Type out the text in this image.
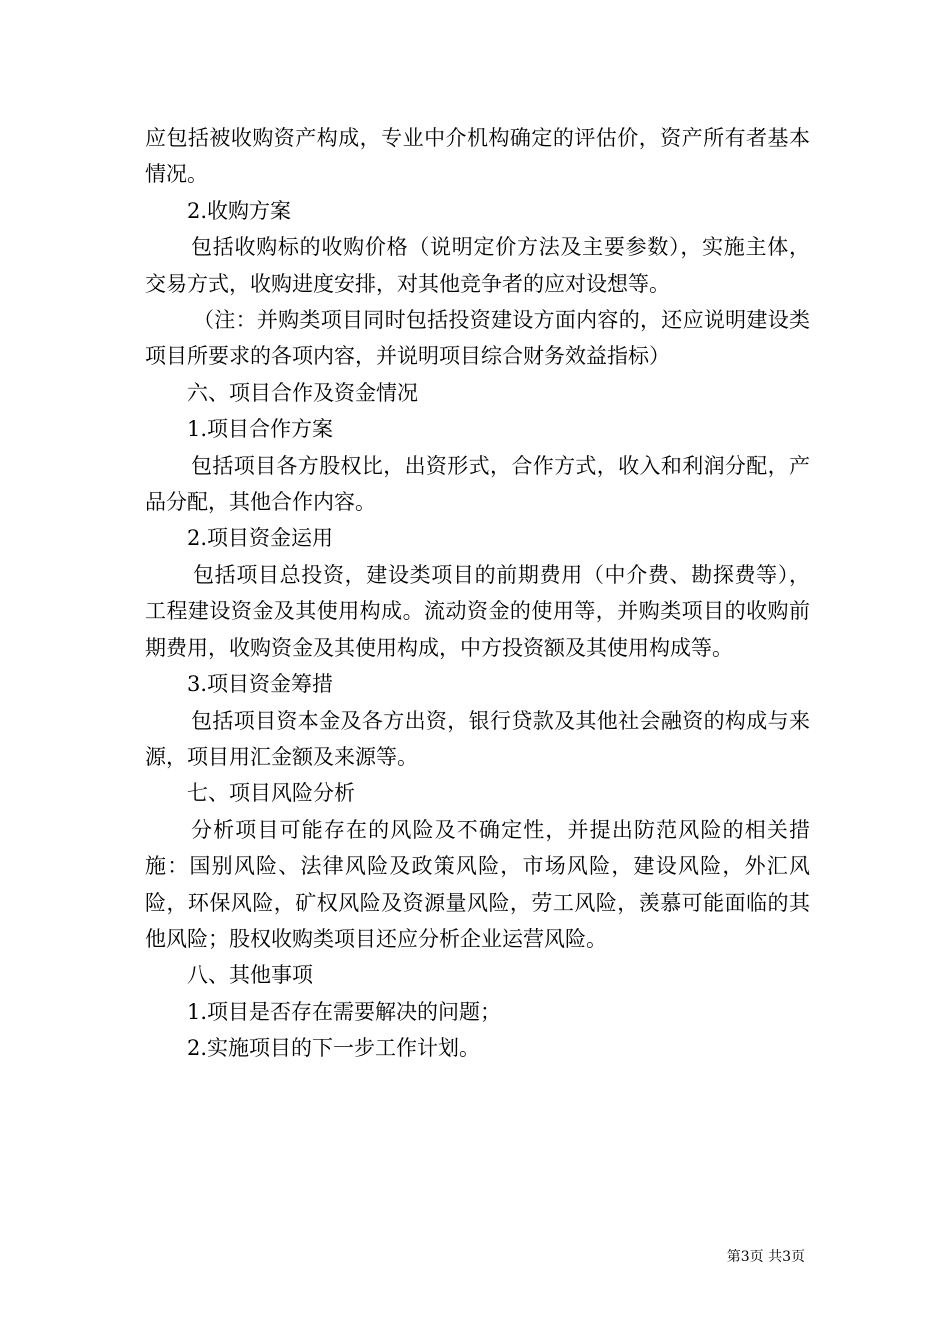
应包括被收购资产构成，专业中介机构确定的评估价，资产所有者基本情况。

2.收购方案

包括收购标的收购价格（说明定价方法及主要参数），实施主体，交易方式，收购进度安排，对其他竞争者的应对设想等。

（注：并购类项目同时包括投资建设方面内容的，还应说明建设类项目所要求的各项内容，并说明项目综合财务效益指标）

六、项目合作及资金情况

1.项目合作方案

包括项目各方股权比，出资形式，合作方式，收入和利润分配，产品分配，其他合作内容。

2.项目资金运用

包括项目总投资，建设类项目的前期费用（中介费、勘探费等），工程建设资金及其使用构成。流动资金的使用等，并购类项目的收购前期费用，收购资金及其使用构成，中方投资额及其使用构成等。

3.项目资金筹措

包括项目资本金及各方出资，银行贷款及其他社会融资的构成与来源，项目用汇金额及来源等。

七、项目风险分析

分析项目可能存在的风险及不确定性，并提出防范风险的相关措施：国别风险、法律风险及政策风险，市场风险，建设风险，外汇风险，环保风险，矿权风险及资源量风险，劳工风险，羡慕可能面临的其他风险；股权收购类项目还应分析企业运营风险。

八、其他事项

1.项目是否存在需要解决的问题；

2.实施项目的下一步工作计划。

第3页 共3页
